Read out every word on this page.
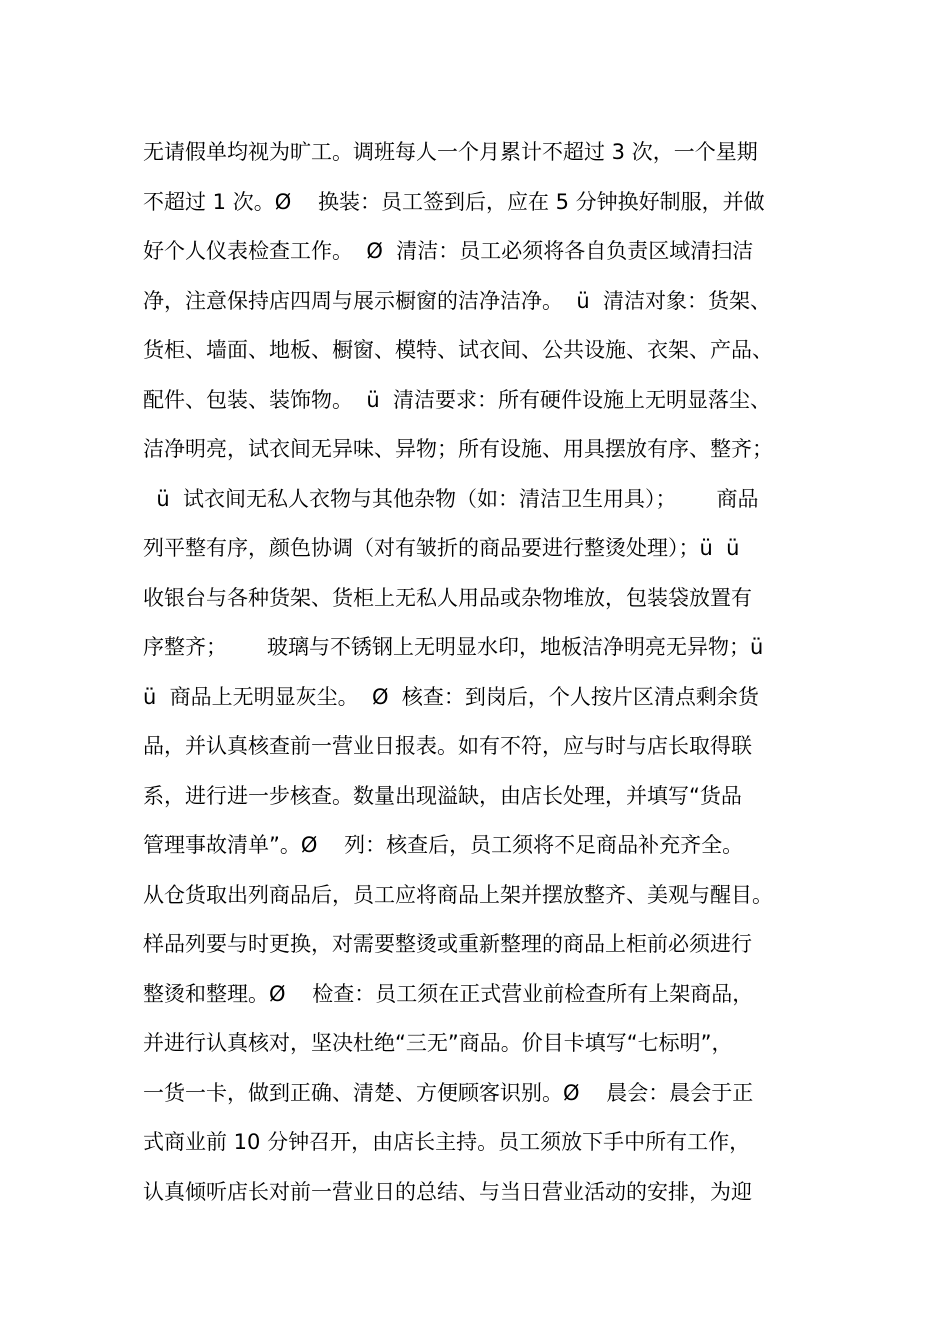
无请假单均视为旷工。调班每人一个月累计不超过 3 次，一个星期
不超过 1 次。Ø    换装：员工签到后，应在 5 分钟换好制服，并做
好个人仪表检查工作。  Ø  清洁：员工必须将各自负责区域清扫洁
净，注意保持店四周与展示橱窗的洁净洁净。  ü  清洁对象：货架、
货柜、墙面、地板、橱窗、模特、试衣间、公共设施、衣架、产品、
配件、包装、装饰物。  ü  清洁要求：所有硬件设施上无明显落尘、
洁净明亮，试衣间无异味、异物；所有设施、用具摆放有序、整齐；
ü  试衣间无私人衣物与其他杂物（如：清洁卫生用具）；      商品
列平整有序，颜色协调（对有皱折的商品要进行整烫处理）；ü  ü
收银台与各种货架、货柜上无私人用品或杂物堆放，包装袋放置有
序整齐；      玻璃与不锈钢上无明显水印，地板洁净明亮无异物；ü
ü  商品上无明显灰尘。  Ø  核查：到岗后，个人按片区清点剩余货
品，并认真核查前一营业日报表。如有不符，应与时与店长取得联
系，进行进一步核查。数量出现溢缺，由店长处理，并填写“货品
管理事故清单”。Ø    列：核查后，员工须将不足商品补充齐全。
从仓货取出列商品后，员工应将商品上架并摆放整齐、美观与醒目。
样品列要与时更换，对需要整烫或重新整理的商品上柜前必须进行
整烫和整理。Ø    检查：员工须在正式营业前检查所有上架商品，
并进行认真核对，坚决杜绝“三无”商品。价目卡填写“七标明”，
一货一卡，做到正确、清楚、方便顾客识别。Ø    晨会：晨会于正
式商业前 10 分钟召开，由店长主持。员工须放下手中所有工作，
认真倾听店长对前一营业日的总结、与当日营业活动的安排，为迎
